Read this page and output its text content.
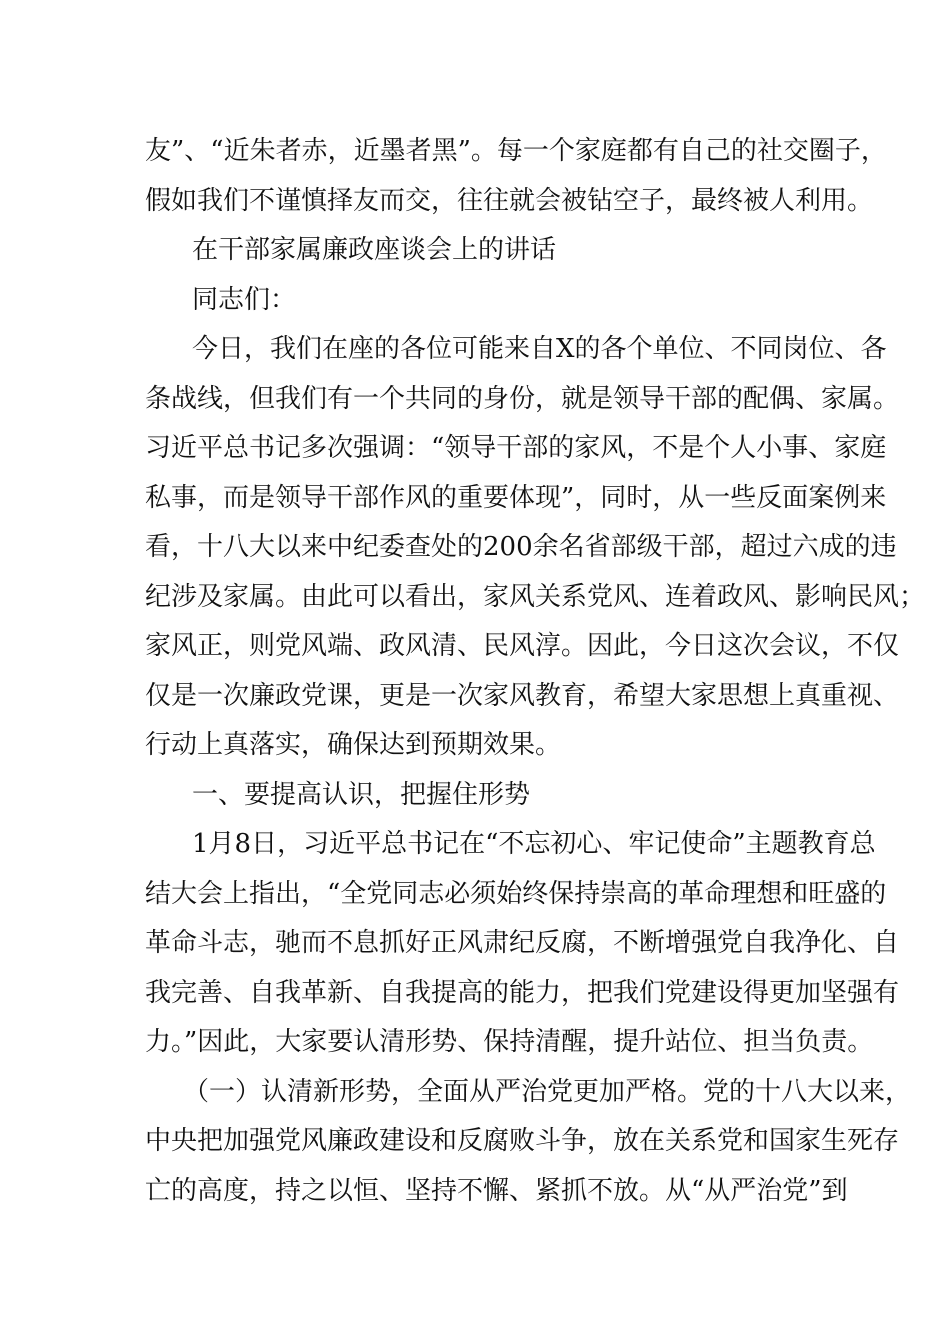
友”、“近朱者赤，近墨者黑”。每一个家庭都有自己的社交圈子，
假如我们不谨慎择友而交，往往就会被钻空子，最终被人利用。

在干部家属廉政座谈会上的讲话

同志们：

今日，我们在座的各位可能来自X的各个单位、不同岗位、各
条战线，但我们有一个共同的身份，就是领导干部的配偶、家属。
习近平总书记多次强调：“领导干部的家风，不是个人小事、家庭
私事，而是领导干部作风的重要体现”，同时，从一些反面案例来
看，十八大以来中纪委查处的200余名省部级干部，超过六成的违
纪涉及家属。由此可以看出，家风关系党风、连着政风、影响民风；
家风正，则党风端、政风清、民风淳。因此，今日这次会议，不仅
仅是一次廉政党课，更是一次家风教育，希望大家思想上真重视、
行动上真落实，确保达到预期效果。

一、要提高认识，把握住形势

1月8日，习近平总书记在“不忘初心、牢记使命”主题教育总
结大会上指出，“全党同志必须始终保持崇高的革命理想和旺盛的
革命斗志，驰而不息抓好正风肃纪反腐，不断增强党自我净化、自
我完善、自我革新、自我提高的能力，把我们党建设得更加坚强有
力。”因此，大家要认清形势、保持清醒，提升站位、担当负责。

（一）认清新形势，全面从严治党更加严格。党的十八大以来，
中央把加强党风廉政建设和反腐败斗争，放在关系党和国家生死存
亡的高度，持之以恒、坚持不懈、紧抓不放。从“从严治党”到
